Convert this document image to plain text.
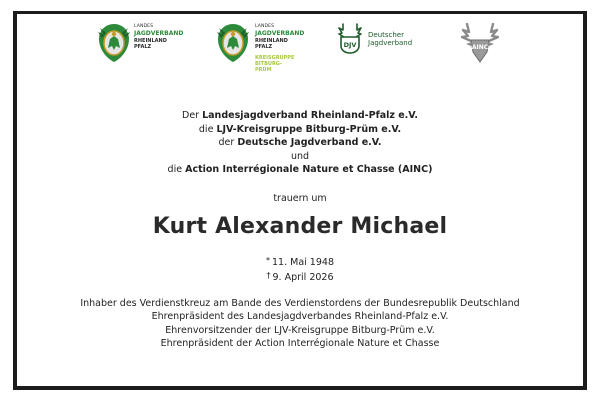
LANDES
JAGDVERBAND
RHEINLAND
PFALZ
LANDES
JAGDVERBAND
RHEINLAND
PFALZ
KREISGRUPPE
BITBURG-
PRÜM
DJV
Deutscher
Jagdverband
AINC
Der Landesjagdverband Rheinland-Pfalz e.V.
die LJV-Kreisgruppe Bitburg-Prüm e.V.
der Deutsche Jagdverband e.V.
und
die Action Interrégionale Nature et Chasse (AINC)
trauern um
Kurt Alexander Michael
* 11. Mai 1948
† 9. April 2026
Inhaber des Verdienstkreuz am Bande des Verdienstordens der Bundesrepublik Deutschland
Ehrenpräsident des Landesjagdverbandes Rheinland-Pfalz e.V.
Ehrenvorsitzender der LJV-Kreisgruppe Bitburg-Prüm e.V.
Ehrenpräsident der Action Interrégionale Nature et Chasse
